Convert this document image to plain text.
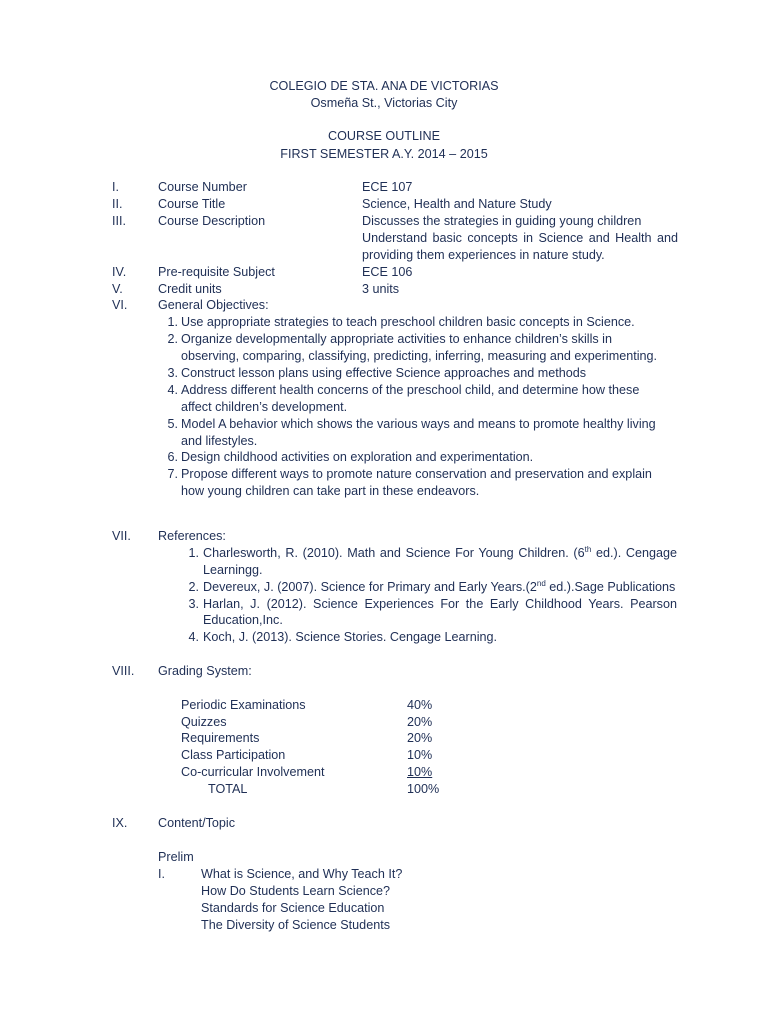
COLEGIO DE STA. ANA DE VICTORIAS
Osmeña St., Victorias City
COURSE OUTLINE
FIRST SEMESTER A.Y. 2014 – 2015
I.	Course Number	ECE 107
II.	Course Title	Science, Health and Nature Study
III.	Course Description	Discusses the strategies in guiding young children
Understand basic concepts in Science and Health and
providing them experiences in nature study.
IV.	Pre-requisite Subject	ECE 106
V.	Credit units	3 units
VI. General Objectives:
1. Use appropriate strategies to teach preschool children basic concepts in Science.
2. Organize developmentally appropriate activities to enhance children’s skills in
observing, comparing, classifying, predicting, inferring, measuring and experimenting.
3. Construct lesson plans using effective Science approaches and methods
4. Address different health concerns of the preschool child, and determine how these
affect children’s development.
5. Model A behavior which shows the various ways and means to promote healthy living
and lifestyles.
6. Design childhood activities on exploration and experimentation.
7. Propose different ways to promote nature conservation and preservation and explain
how young children can take part in these endeavors.
VII. References:
1. Charlesworth, R. (2010). Math and Science For Young Children. (6th ed.). Cengage
Learningg.
2. Devereux, J. (2007). Science for Primary and Early Years.(2nd ed.).Sage Publications
3. Harlan, J. (2012). Science Experiences For the Early Childhood Years. Pearson
Education,Inc.
4. Koch, J. (2013). Science Stories. Cengage Learning.
VIII. Grading System:
Periodic Examinations	40%
Quizzes	20%
Requirements	20%
Class Participation	10%
Co-curricular Involvement	10%
TOTAL	100%
IX. Content/Topic
Prelim
I.	What is Science, and Why Teach It?
How Do Students Learn Science?
Standards for Science Education
The Diversity of Science Students
